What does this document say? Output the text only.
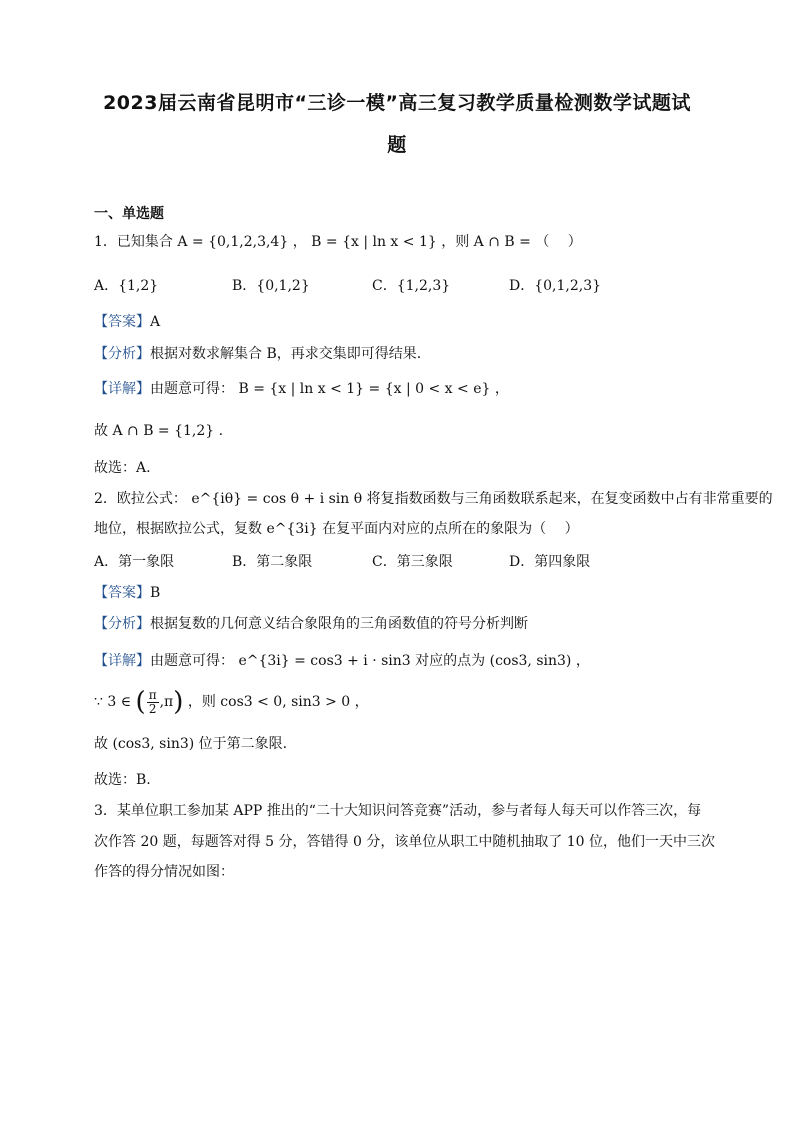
2023届云南省昆明市“三诊一模”高三复习教学质量检测数学试题试
题
一、单选题
1．已知集合 A = {0,1,2,3,4} ， B = {x | ln x < 1} ，则 A ∩ B = （　 ）
A．{1,2}	B．{0,1,2}	C．{1,2,3}	D．{0,1,2,3}
【答案】A
【分析】根据对数求解集合 B，再求交集即可得结果.
【详解】由题意可得： B = {x | ln x < 1} = {x | 0 < x < e} ，
故 A ∩ B = {1,2} .
故选：A.
2．欧拉公式： e^{iθ} = cos θ + i sin θ 将复指数函数与三角函数联系起来，在复变函数中占有非常重要的
地位，根据欧拉公式，复数 e^{3i} 在复平面内对应的点所在的象限为（　 ）
A．第一象限	B．第二象限	C．第三象限	D．第四象限
【答案】B
【分析】根据复数的几何意义结合象限角的三角函数值的符号分析判断
【详解】由题意可得： e^{3i} = cos3 + i · sin3 对应的点为 (cos3, sin3) ，
∵ 3 ∈ ( $\frac{\pi}{2} ,\pi$) ，则 cos3 < 0, sin3 > 0 ，
故 (cos3, sin3) 位于第二象限.
故选：B.
3．某单位职工参加某 APP 推出的“二十大知识问答竞赛”活动，参与者每人每天可以作答三次，每
次作答 20 题，每题答对得 5 分，答错得 0 分，该单位从职工中随机抽取了 10 位，他们一天中三次
作答的得分情况如图：
